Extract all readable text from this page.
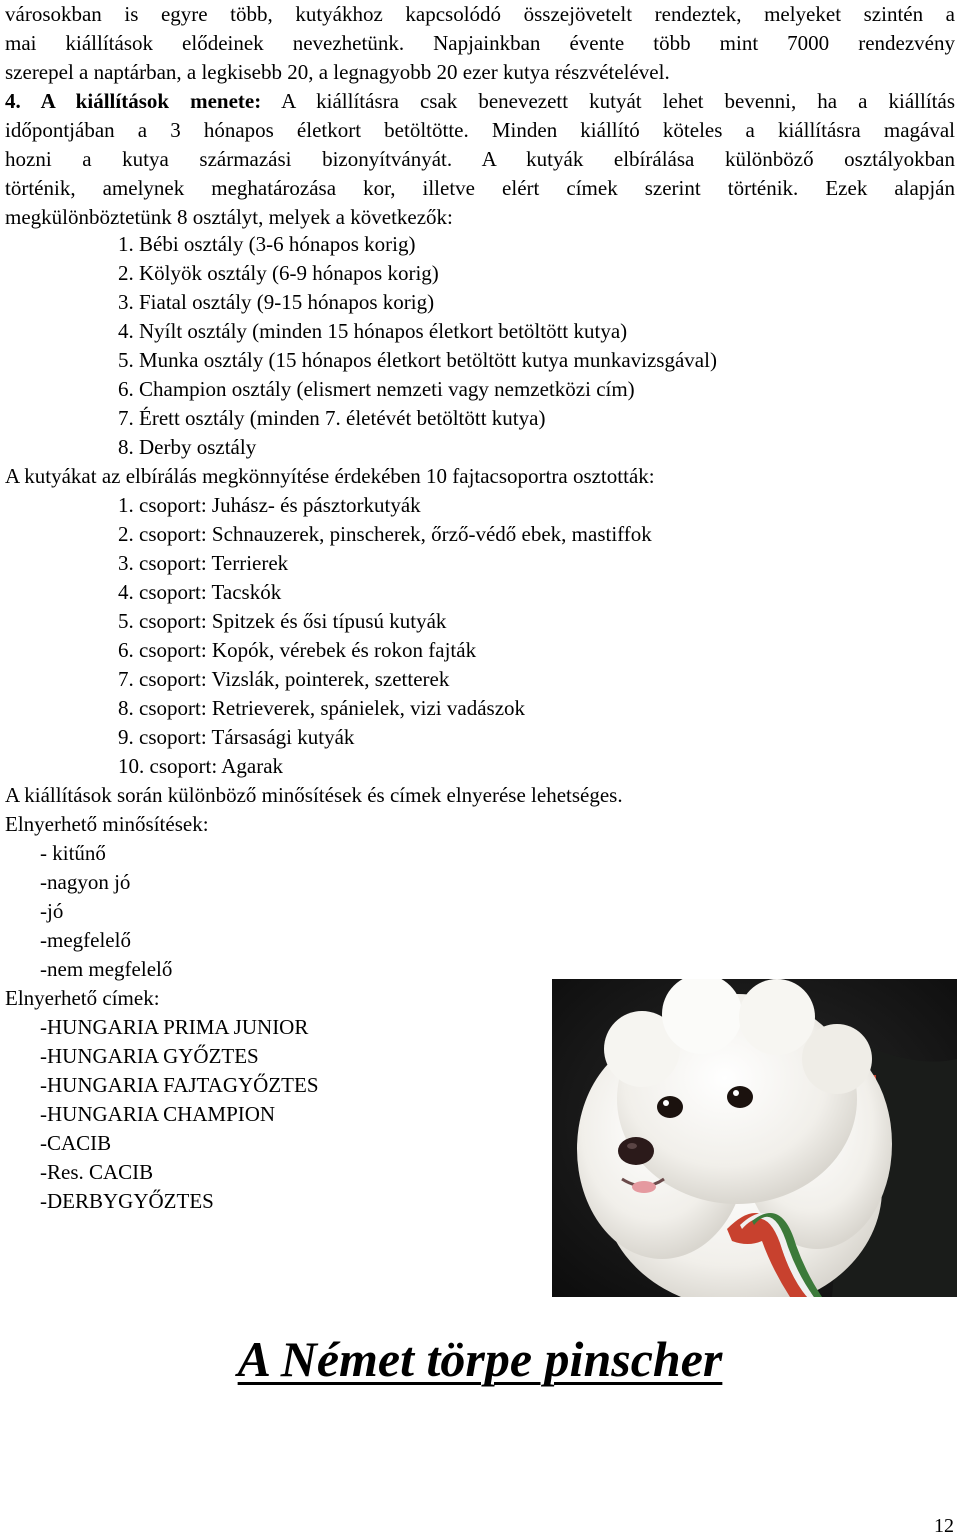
városokban is egyre több, kutyákhoz kapcsolódó összejövetelt rendeztek, melyeket szintén a
mai kiállítások elődeinek nevezhetünk. Napjainkban évente több mint 7000 rendezvény
szerepel a naptárban, a legkisebb 20, a legnagyobb 20 ezer kutya részvételével.
4. A kiállítások menete: A kiállításra csak benevezett kutyát lehet bevenni, ha a kiállítás
időpontjában a 3 hónapos életkort betöltötte. Minden kiállító köteles a kiállításra magával
hozni a kutya származási bizonyítványát. A kutyák elbírálása különböző osztályokban
történik, amelynek meghatározása kor, illetve elért címek szerint történik. Ezek alapján
megkülönböztetünk 8 osztályt, melyek a következők:
1. Bébi osztály (3-6 hónapos korig)
2. Kölyök osztály (6-9 hónapos korig)
3. Fiatal osztály (9-15 hónapos korig)
4. Nyílt osztály (minden 15 hónapos életkort betöltött kutya)
5. Munka osztály (15 hónapos életkort betöltött kutya munkavizsgával)
6. Champion osztály (elismert nemzeti vagy nemzetközi cím)
7. Érett osztály (minden 7. életévét betöltött kutya)
8. Derby osztály
A kutyákat az elbírálás megkönnyítése érdekében 10 fajtacsoportra osztották:
1. csoport: Juhász- és pásztorkutyák
2. csoport: Schnauzerek, pinscherek, őrző-védő ebek, mastiffok
3. csoport: Terrierek
4. csoport: Tacskók
5. csoport: Spitzek és ősi típusú kutyák
6. csoport: Kopók, vérebek és rokon fajták
7. csoport: Vizslák, pointerek, szetterek
8. csoport: Retrieverek, spánielek, vizi vadászok
9. csoport: Társasági kutyák
10. csoport: Agarak
A kiállítások során különböző minősítések és címek elnyerése lehetséges.
Elnyerhető minősítések:
- kitűnő
-nagyon jó
-jó
-megfelelő
-nem megfelelő
Elnyerhető címek:
-HUNGARIA PRIMA JUNIOR
-HUNGARIA GYŐZTES
-HUNGARIA FAJTAGYŐZTES
-HUNGARIA CHAMPION
-CACIB
-Res. CACIB
-DERBYGYŐZTES
A Német törpe pinscher
12
